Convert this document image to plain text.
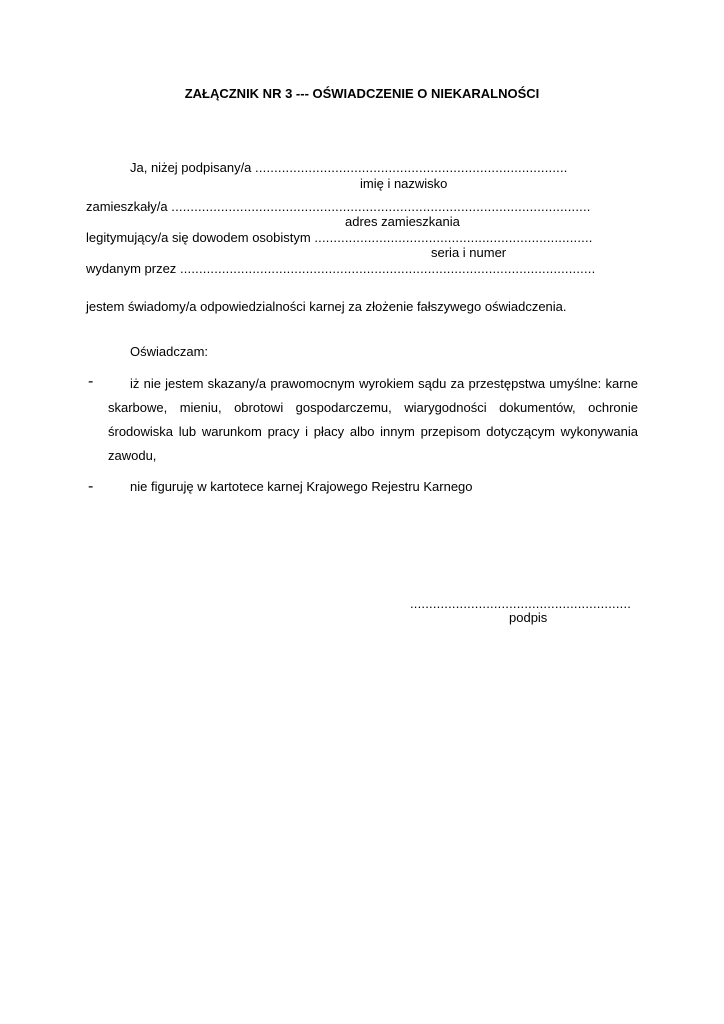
ZAŁĄCZNIK NR 3 --- OŚWIADCZENIE O NIEKARALNOŚCI
Ja, niżej podpisany/a ..................................................................................
imię i nazwisko
zamieszkały/a ..............................................................................................................
adres zamieszkania
legitymujący/a się dowodem osobistym .........................................................................
seria i numer
wydanym przez .............................................................................................................
jestem świadomy/a odpowiedzialności karnej za złożenie fałszywego oświadczenia.
Oświadczam:
-	iż nie jestem skazany/a prawomocnym wyrokiem sądu za przestępstwa umyślne: karne skarbowe, mieniu, obrotowi gospodarczemu, wiarygodności dokumentów, ochronie środowiska lub warunkom pracy i płacy albo innym przepisom dotyczącym wykonywania zawodu,
-	nie figuruję w kartotece karnej Krajowego Rejestru Karnego
..........................................................
podpis
